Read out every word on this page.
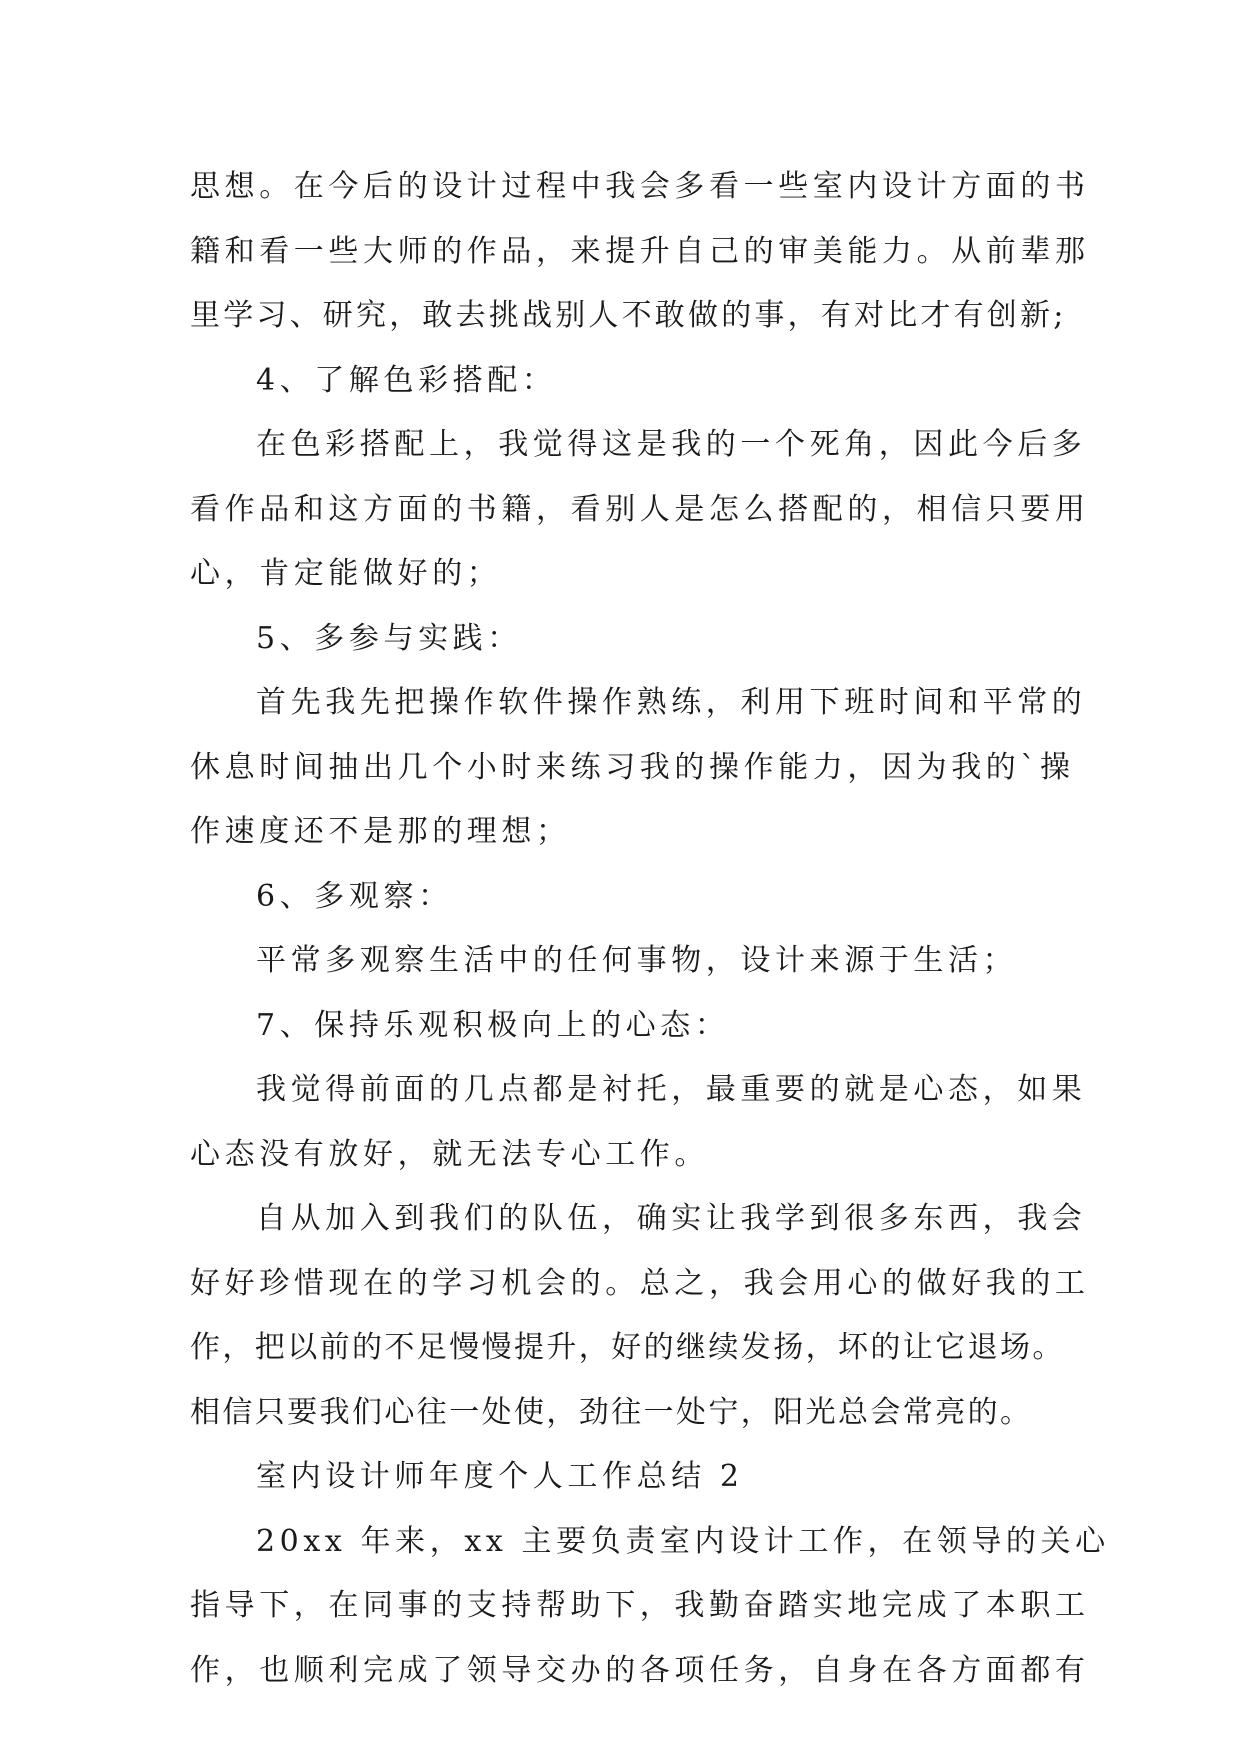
思想。在今后的设计过程中我会多看一些室内设计方面的书
籍和看一些大师的作品，来提升自己的审美能力。从前辈那
里学习、研究，敢去挑战别人不敢做的事，有对比才有创新;
4、了解色彩搭配：
在色彩搭配上，我觉得这是我的一个死角，因此今后多
看作品和这方面的书籍，看别人是怎么搭配的，相信只要用
心，肯定能做好的；
5、多参与实践：
首先我先把操作软件操作熟练，利用下班时间和平常的
休息时间抽出几个小时来练习我的操作能力，因为我的`操
作速度还不是那的理想；
6、多观察：
平常多观察生活中的任何事物，设计来源于生活；
7、保持乐观积极向上的心态：
我觉得前面的几点都是衬托，最重要的就是心态，如果
心态没有放好，就无法专心工作。
自从加入到我们的队伍，确实让我学到很多东西，我会
好好珍惜现在的学习机会的。总之，我会用心的做好我的工
作，把以前的不足慢慢提升，好的继续发扬，坏的让它退场。
相信只要我们心往一处使，劲往一处宁，阳光总会常亮的。
室内设计师年度个人工作总结 2
20xx 年来，xx 主要负责室内设计工作，在领导的关心
指导下，在同事的支持帮助下，我勤奋踏实地完成了本职工
作，也顺利完成了领导交办的各项任务，自身在各方面都有
